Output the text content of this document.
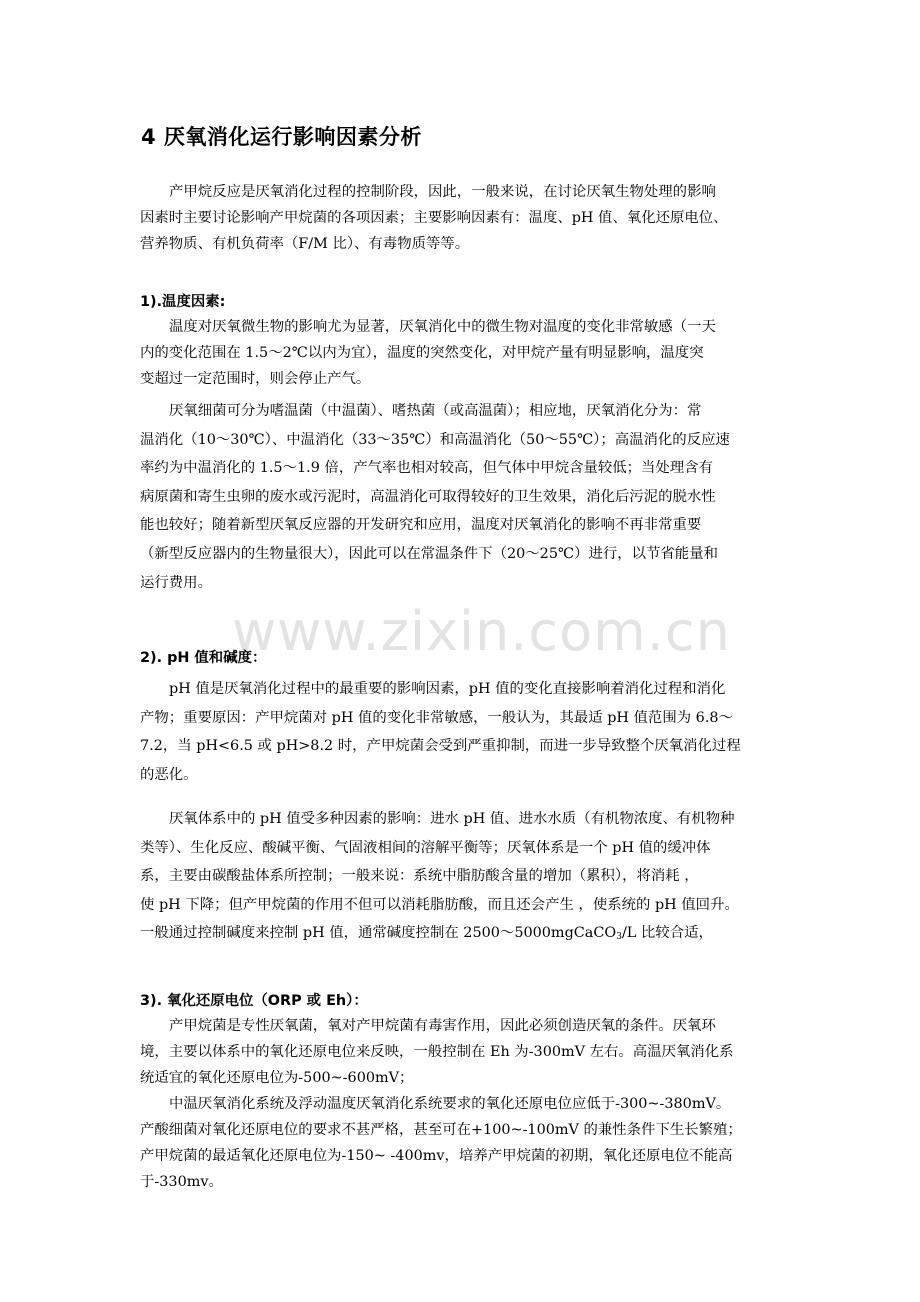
www.zixin.com.cn
4 厌氧消化运行影响因素分析
产甲烷反应是厌氧消化过程的控制阶段，因此，一般来说，在讨论厌氧生物处理的影响
因素时主要讨论影响产甲烷菌的各项因素；主要影响因素有：温度、pH 值、氧化还原电位、
营养物质、有机负荷率（F/M 比）、有毒物质等等。
1).温度因素:
温度对厌氧微生物的影响尤为显著，厌氧消化中的微生物对温度的变化非常敏感（一天
内的变化范围在 1.5～2℃以内为宜），温度的突然变化，对甲烷产量有明显影响，温度突
变超过一定范围时，则会停止产气。
厌氧细菌可分为嗜温菌（中温菌）、嗜热菌（或高温菌）；相应地，厌氧消化分为：常
温消化（10～30℃）、中温消化（33～35℃）和高温消化（50～55℃）；高温消化的反应速
率约为中温消化的 1.5～1.9 倍，产气率也相对较高，但气体中甲烷含量较低；当处理含有
病原菌和寄生虫卵的废水或污泥时，高温消化可取得较好的卫生效果，消化后污泥的脱水性
能也较好；随着新型厌氧反应器的开发研究和应用，温度对厌氧消化的影响不再非常重要
（新型反应器内的生物量很大），因此可以在常温条件下（20～25℃）进行，以节省能量和
运行费用。
2). pH 值和碱度：
pH 值是厌氧消化过程中的最重要的影响因素，pH 值的变化直接影响着消化过程和消化
产物；重要原因：产甲烷菌对 pH 值的变化非常敏感，一般认为，其最适 pH 值范围为 6.8～
7.2，当 pH<6.5 或 pH>8.2 时，产甲烷菌会受到严重抑制，而进一步导致整个厌氧消化过程
的恶化。
厌氧体系中的 pH 值受多种因素的影响：进水 pH 值、进水水质（有机物浓度、有机物种
类等）、生化反应、酸碱平衡、气固液相间的溶解平衡等；厌氧体系是一个 pH 值的缓冲体
系，主要由碳酸盐体系所控制；一般来说：系统中脂肪酸含量的增加（累积），将消耗 ，
使 pH 下降；但产甲烷菌的作用不但可以消耗脂肪酸，而且还会产生 ，使系统的 pH 值回升。
一般通过控制碱度来控制 pH 值，通常碱度控制在 2500～5000mgCaCO$_3$/L 比较合适，
3). 氧化还原电位（ORP 或 Eh）：
产甲烷菌是专性厌氧菌，氧对产甲烷菌有毒害作用，因此必须创造厌氧的条件。厌氧环
境，主要以体系中的氧化还原电位来反映，一般控制在 Eh 为-300mV 左右。高温厌氧消化系
统适宜的氧化还原电位为-500~-600mV；
中温厌氧消化系统及浮动温度厌氧消化系统要求的氧化还原电位应低于-300~-380mV。
产酸细菌对氧化还原电位的要求不甚严格，甚至可在+100~-100mV 的兼性条件下生长繁殖；
产甲烷菌的最适氧化还原电位为-150~ -400mv，培养产甲烷菌的初期，氧化还原电位不能高
于-330mv。
